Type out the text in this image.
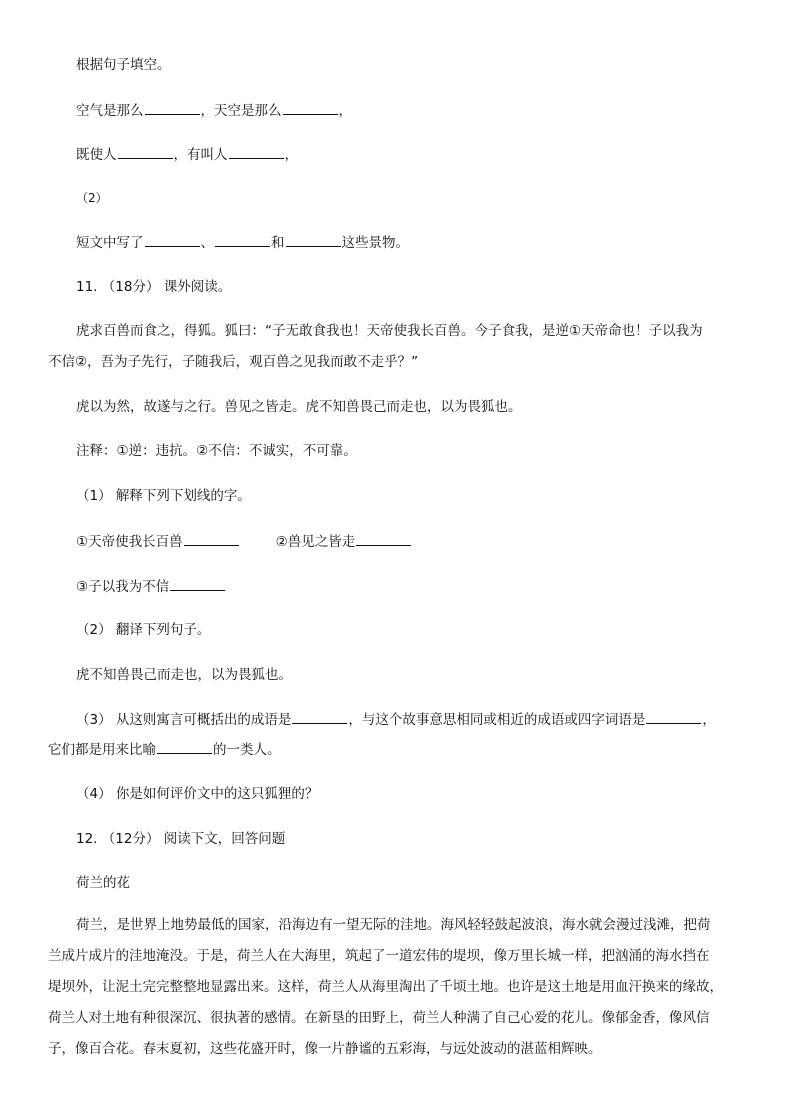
根据句子填空。
空气是那么	，天空是那么	，
既使人	，有叫人	，
（2）
短文中写了	、	和	这些景物。
11. （18分） 课外阅读。
虎求百兽而食之，得狐。狐曰：“子无敢食我也！天帝使我长百兽。今子食我，是逆①天帝命也！子以我为
不信②，吾为子先行，子随我后，观百兽之见我而敢不走乎？”
虎以为然，故遂与之行。兽见之皆走。虎不知兽畏己而走也，以为畏狐也。
注释：①逆：违抗。②不信：不诚实，不可靠。
（1） 解释下列下划线的字。
①天帝使我长百兽	②兽见之皆走
③子以我为不信
（2） 翻译下列句子。
虎不知兽畏己而走也，以为畏狐也。
（3） 从这则寓言可概括出的成语是	，与这个故事意思相同或相近的成语或四字词语是	，
它们都是用来比喻	的一类人。
（4） 你是如何评价文中的这只狐狸的？
12. （12分） 阅读下文，回答问题
荷兰的花
荷兰，是世界上地势最低的国家，沿海边有一望无际的洼地。海风轻轻鼓起波浪，海水就会漫过浅滩，把荷
兰成片成片的洼地淹没。于是，荷兰人在大海里，筑起了一道宏伟的堤坝，像万里长城一样，把汹涌的海水挡在
堤坝外，让泥土完完整整地显露出来。这样，荷兰人从海里淘出了千顷土地。也许是这土地是用血汗换来的缘故，
荷兰人对土地有种很深沉、很执著的感情。在新垦的田野上，荷兰人种满了自己心爱的花儿。像郁金香，像风信
子，像百合花。春末夏初，这些花盛开时，像一片静谧的五彩海，与远处波动的湛蓝相辉映。
